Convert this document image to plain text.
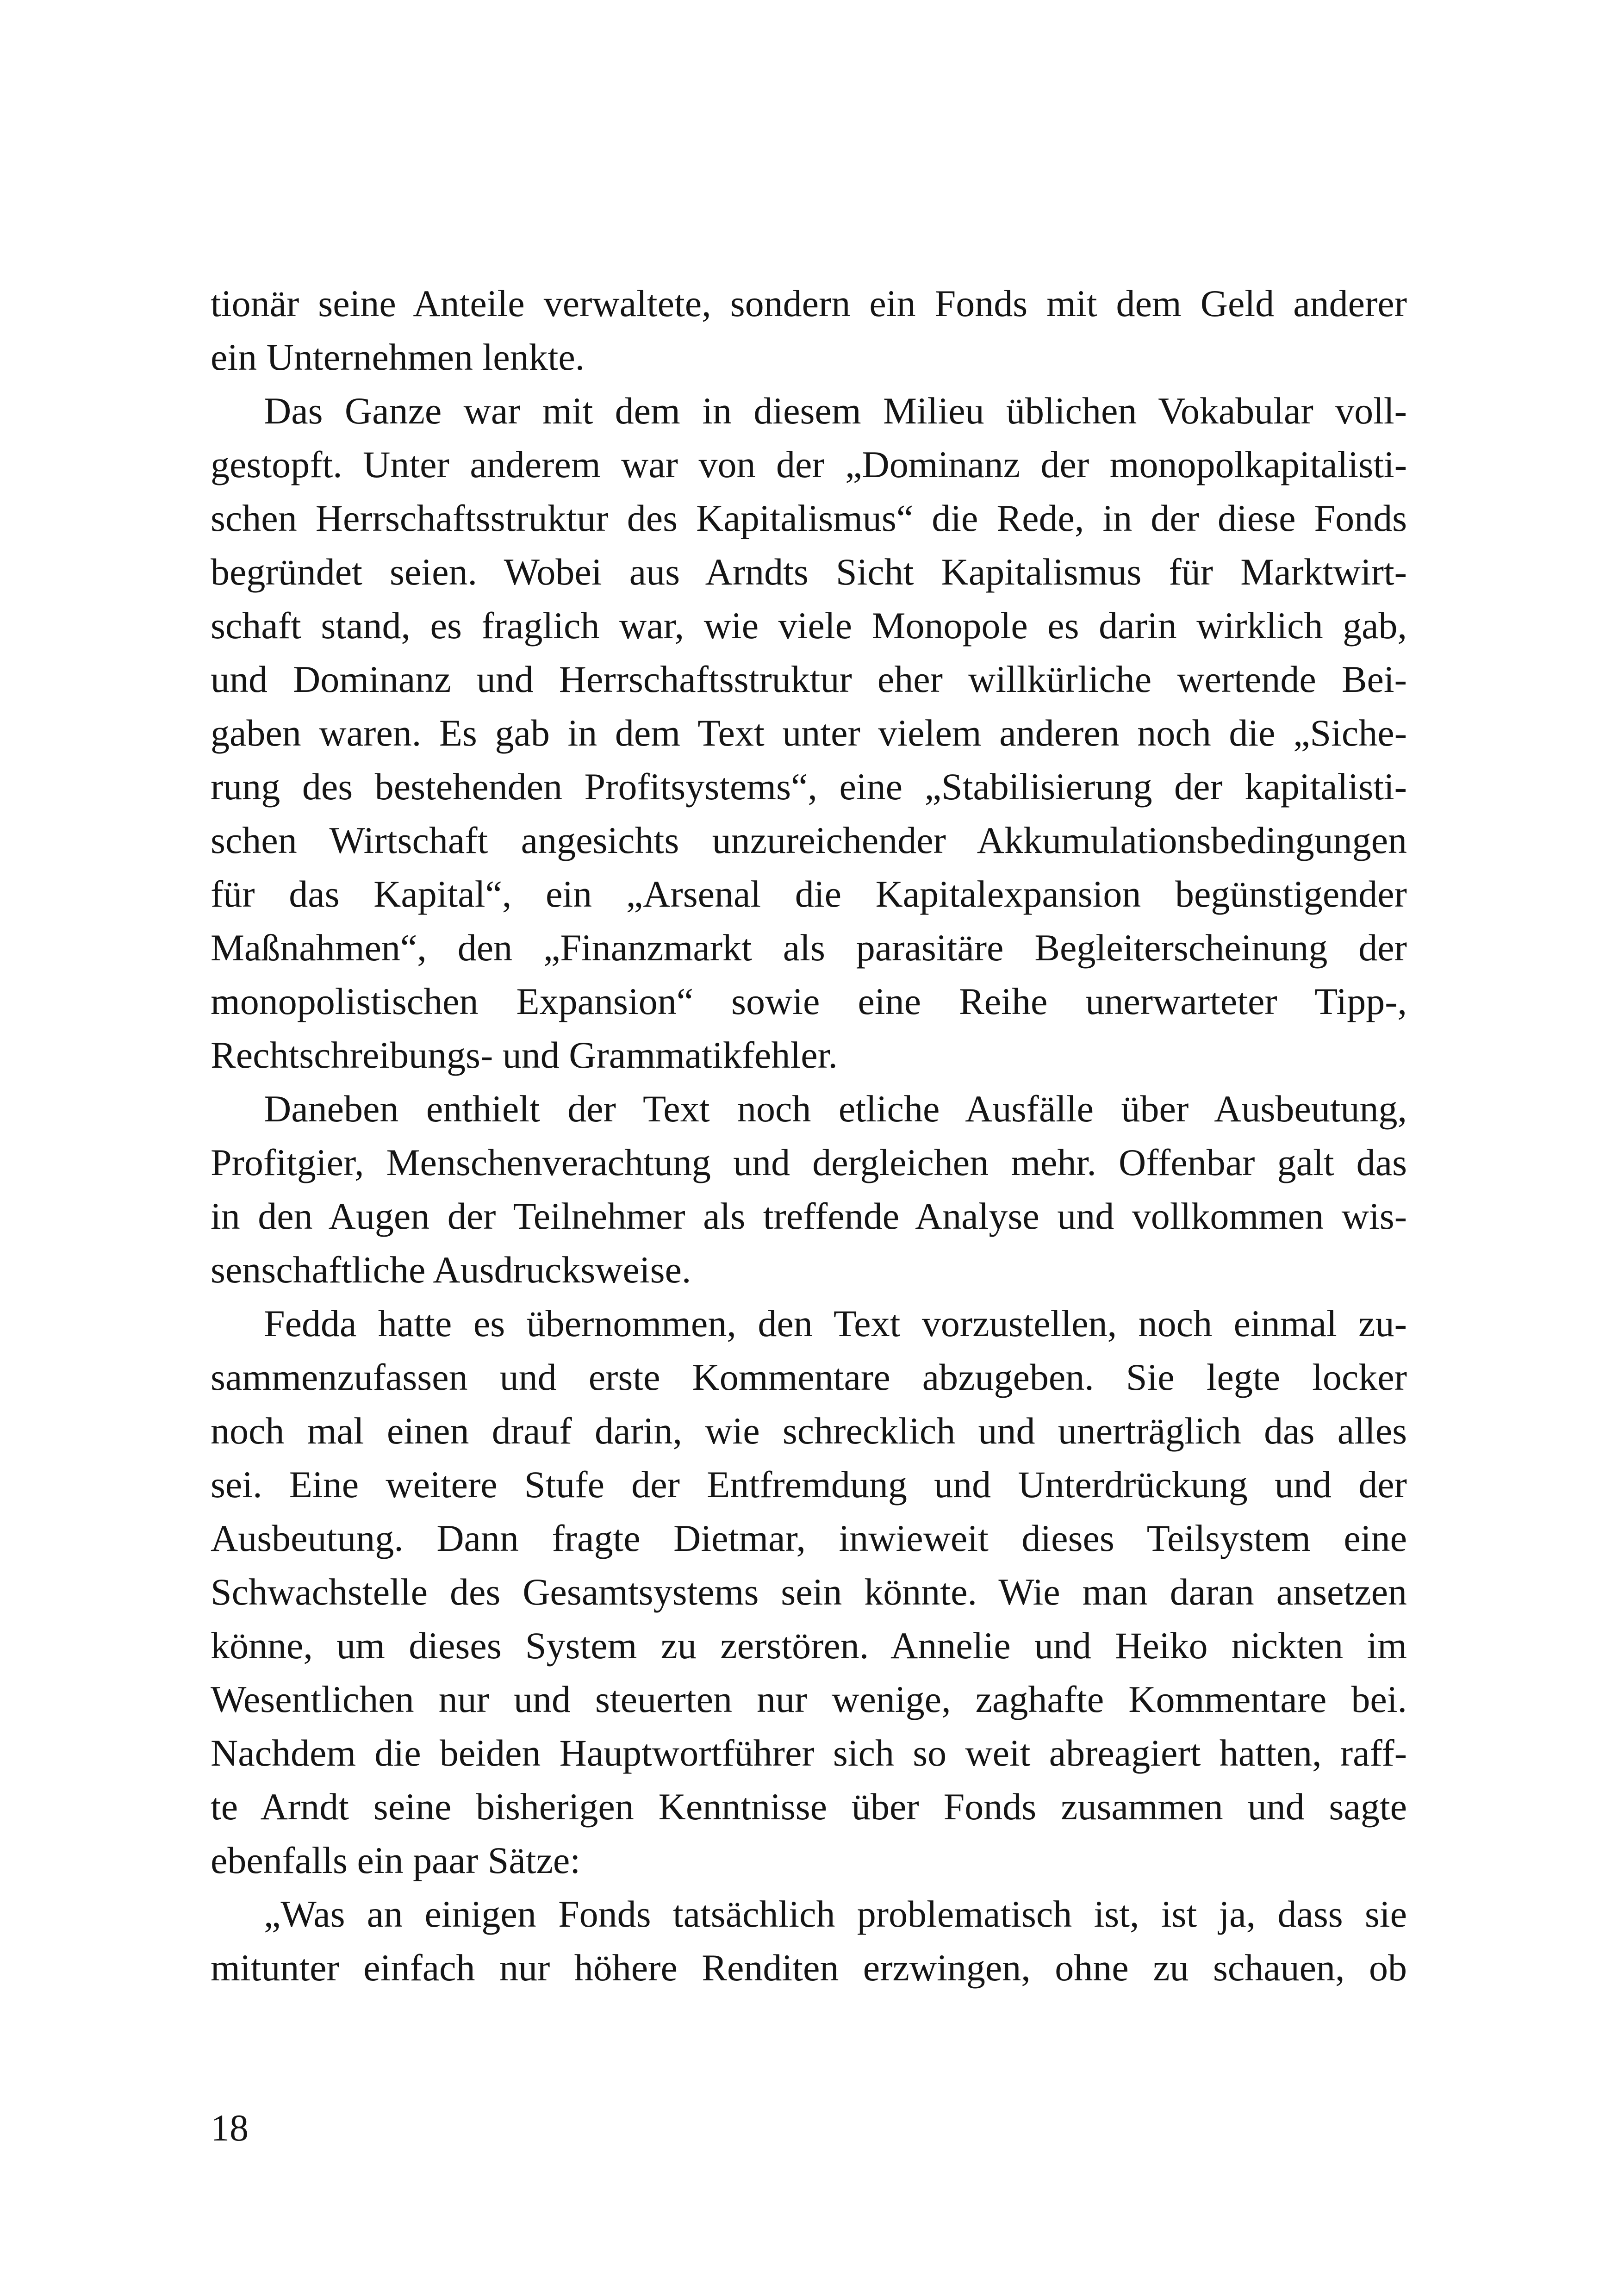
tionär seine Anteile verwaltete, sondern ein Fonds mit dem Geld anderer
ein Unternehmen lenkte.
Das Ganze war mit dem in diesem Milieu üblichen Vokabular voll-
gestopft. Unter anderem war von der „Dominanz der monopolkapitalisti-
schen Herrschaftsstruktur des Kapitalismus“ die Rede, in der diese Fonds
begründet seien. Wobei aus Arndts Sicht Kapitalismus für Marktwirt-
schaft stand, es fraglich war, wie viele Monopole es darin wirklich gab,
und Dominanz und Herrschaftsstruktur eher willkürliche wertende Bei-
gaben waren. Es gab in dem Text unter vielem anderen noch die „Siche-
rung des bestehenden Profitsystems“, eine „Stabilisierung der kapitalisti-
schen Wirtschaft angesichts unzureichender Akkumulationsbedingungen
für das Kapital“, ein „Arsenal die Kapitalexpansion begünstigender
Maßnahmen“, den „Finanzmarkt als parasitäre Begleiterscheinung der
monopolistischen Expansion“ sowie eine Reihe unerwarteter Tipp-,
Rechtschreibungs- und Grammatikfehler.
Daneben enthielt der Text noch etliche Ausfälle über Ausbeutung,
Profitgier, Menschenverachtung und dergleichen mehr. Offenbar galt das
in den Augen der Teilnehmer als treffende Analyse und vollkommen wis-
senschaftliche Ausdrucksweise.
Fedda hatte es übernommen, den Text vorzustellen, noch einmal zu-
sammenzufassen und erste Kommentare abzugeben. Sie legte locker
noch mal einen drauf darin, wie schrecklich und unerträglich das alles
sei. Eine weitere Stufe der Entfremdung und Unterdrückung und der
Ausbeutung. Dann fragte Dietmar, inwieweit dieses Teilsystem eine
Schwachstelle des Gesamtsystems sein könnte. Wie man daran ansetzen
könne, um dieses System zu zerstören. Annelie und Heiko nickten im
Wesentlichen nur und steuerten nur wenige, zaghafte Kommentare bei.
Nachdem die beiden Hauptwortführer sich so weit abreagiert hatten, raff-
te Arndt seine bisherigen Kenntnisse über Fonds zusammen und sagte
ebenfalls ein paar Sätze:
„Was an einigen Fonds tatsächlich problematisch ist, ist ja, dass sie
mitunter einfach nur höhere Renditen erzwingen, ohne zu schauen, ob
18
